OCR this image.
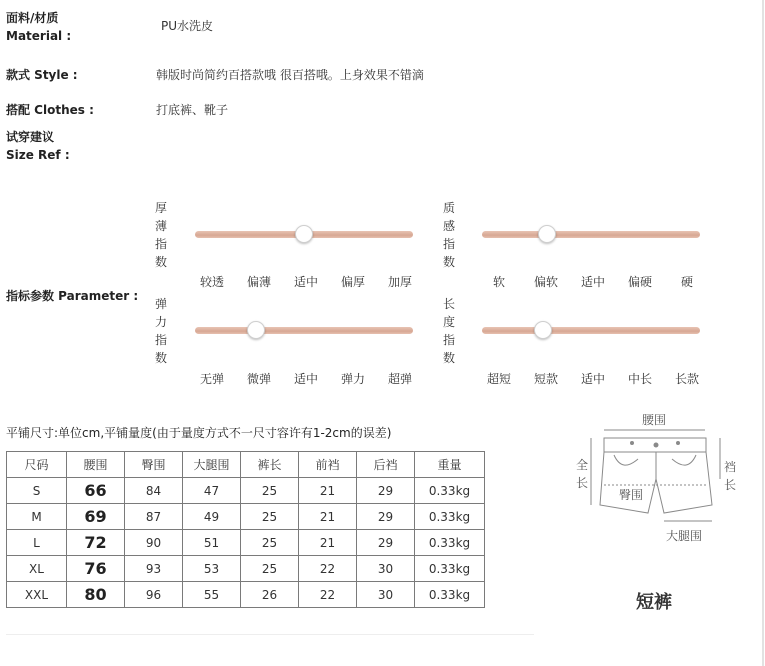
面料/材质
Material :
PU水洗皮
款式 Style :	韩版时尚简约百搭款哦 很百搭哦。上身效果不错滴
搭配 Clothes :	打底裤、靴子
试穿建议
Size Ref :
指标参数 Parameter :
厚
薄
指
数
较透	偏薄	适中	偏厚	加厚
质
感
指
数
软	偏软	适中	偏硬	硬
弹
力
指
数
无弹	微弹	适中	弹力	超弹
长
度
指
数
超短	短款	适中	中长	长款
平铺尺寸:单位cm,平铺量度(由于量度方式不一尺寸容许有1-2cm的误差)
尺码	腰围	臀围	大腿围	裤长	前裆	后裆	重量
S	66	84	47	25	21	29	0.33kg
M	69	87	49	25	21	29	0.33kg
L	72	90	51	25	21	29	0.33kg
XL	76	93	53	25	22	30	0.33kg
XXL	80	96	55	26	22	30	0.33kg
腰围
臀围
大腿围
全
长
裆
长
短裤
